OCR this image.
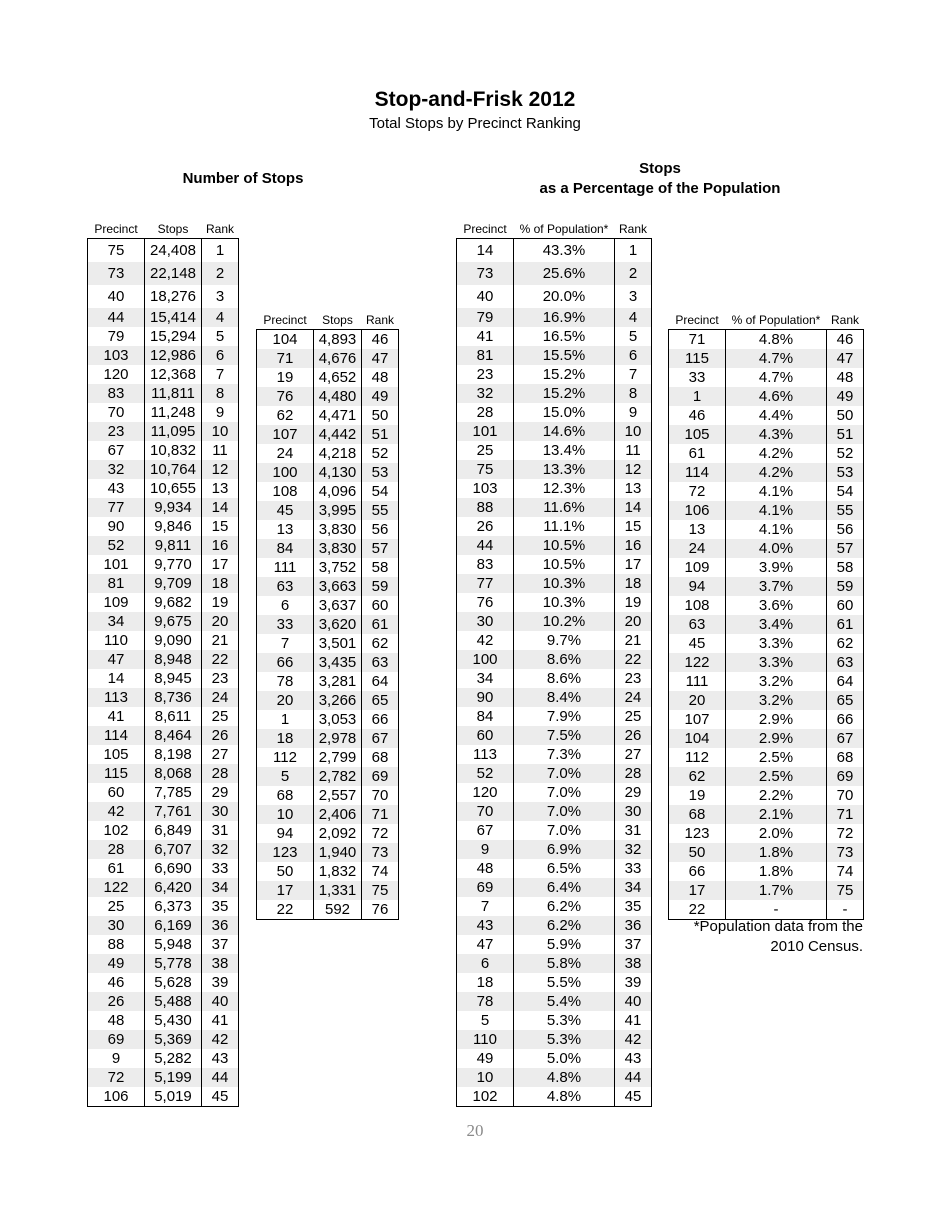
Stop-and-Frisk 2012
Total Stops by Precinct Ranking
Number of Stops
Stops
as a Percentage of the Population
Precinct	Stops	Rank
75	24,408	1
73	22,148	2
40	18,276	3
44	15,414	4
79	15,294	5
103	12,986	6
120	12,368	7
83	11,811	8
70	11,248	9
23	11,095	10
67	10,832	11
32	10,764	12
43	10,655	13
77	9,934	14
90	9,846	15
52	9,811	16
101	9,770	17
81	9,709	18
109	9,682	19
34	9,675	20
110	9,090	21
47	8,948	22
14	8,945	23
113	8,736	24
41	8,611	25
114	8,464	26
105	8,198	27
115	8,068	28
60	7,785	29
42	7,761	30
102	6,849	31
28	6,707	32
61	6,690	33
122	6,420	34
25	6,373	35
30	6,169	36
88	5,948	37
49	5,778	38
46	5,628	39
26	5,488	40
48	5,430	41
69	5,369	42
9	5,282	43
72	5,199	44
106	5,019	45
Precinct	Stops	Rank
104	4,893	46
71	4,676	47
19	4,652	48
76	4,480	49
62	4,471	50
107	4,442	51
24	4,218	52
100	4,130	53
108	4,096	54
45	3,995	55
13	3,830	56
84	3,830	57
111	3,752	58
63	3,663	59
6	3,637	60
33	3,620	61
7	3,501	62
66	3,435	63
78	3,281	64
20	3,266	65
1	3,053	66
18	2,978	67
112	2,799	68
5	2,782	69
68	2,557	70
10	2,406	71
94	2,092	72
123	1,940	73
50	1,832	74
17	1,331	75
22	592	76
Precinct	% of Population*	Rank
14	43.3%	1
73	25.6%	2
40	20.0%	3
79	16.9%	4
41	16.5%	5
81	15.5%	6
23	15.2%	7
32	15.2%	8
28	15.0%	9
101	14.6%	10
25	13.4%	11
75	13.3%	12
103	12.3%	13
88	11.6%	14
26	11.1%	15
44	10.5%	16
83	10.5%	17
77	10.3%	18
76	10.3%	19
30	10.2%	20
42	9.7%	21
100	8.6%	22
34	8.6%	23
90	8.4%	24
84	7.9%	25
60	7.5%	26
113	7.3%	27
52	7.0%	28
120	7.0%	29
70	7.0%	30
67	7.0%	31
9	6.9%	32
48	6.5%	33
69	6.4%	34
7	6.2%	35
43	6.2%	36
47	5.9%	37
6	5.8%	38
18	5.5%	39
78	5.4%	40
5	5.3%	41
110	5.3%	42
49	5.0%	43
10	4.8%	44
102	4.8%	45
Precinct	% of Population*	Rank
71	4.8%	46
115	4.7%	47
33	4.7%	48
1	4.6%	49
46	4.4%	50
105	4.3%	51
61	4.2%	52
114	4.2%	53
72	4.1%	54
106	4.1%	55
13	4.1%	56
24	4.0%	57
109	3.9%	58
94	3.7%	59
108	3.6%	60
63	3.4%	61
45	3.3%	62
122	3.3%	63
111	3.2%	64
20	3.2%	65
107	2.9%	66
104	2.9%	67
112	2.5%	68
62	2.5%	69
19	2.2%	70
68	2.1%	71
123	2.0%	72
50	1.8%	73
66	1.8%	74
17	1.7%	75
22	-	-
*Population data from the
2010 Census.
20
